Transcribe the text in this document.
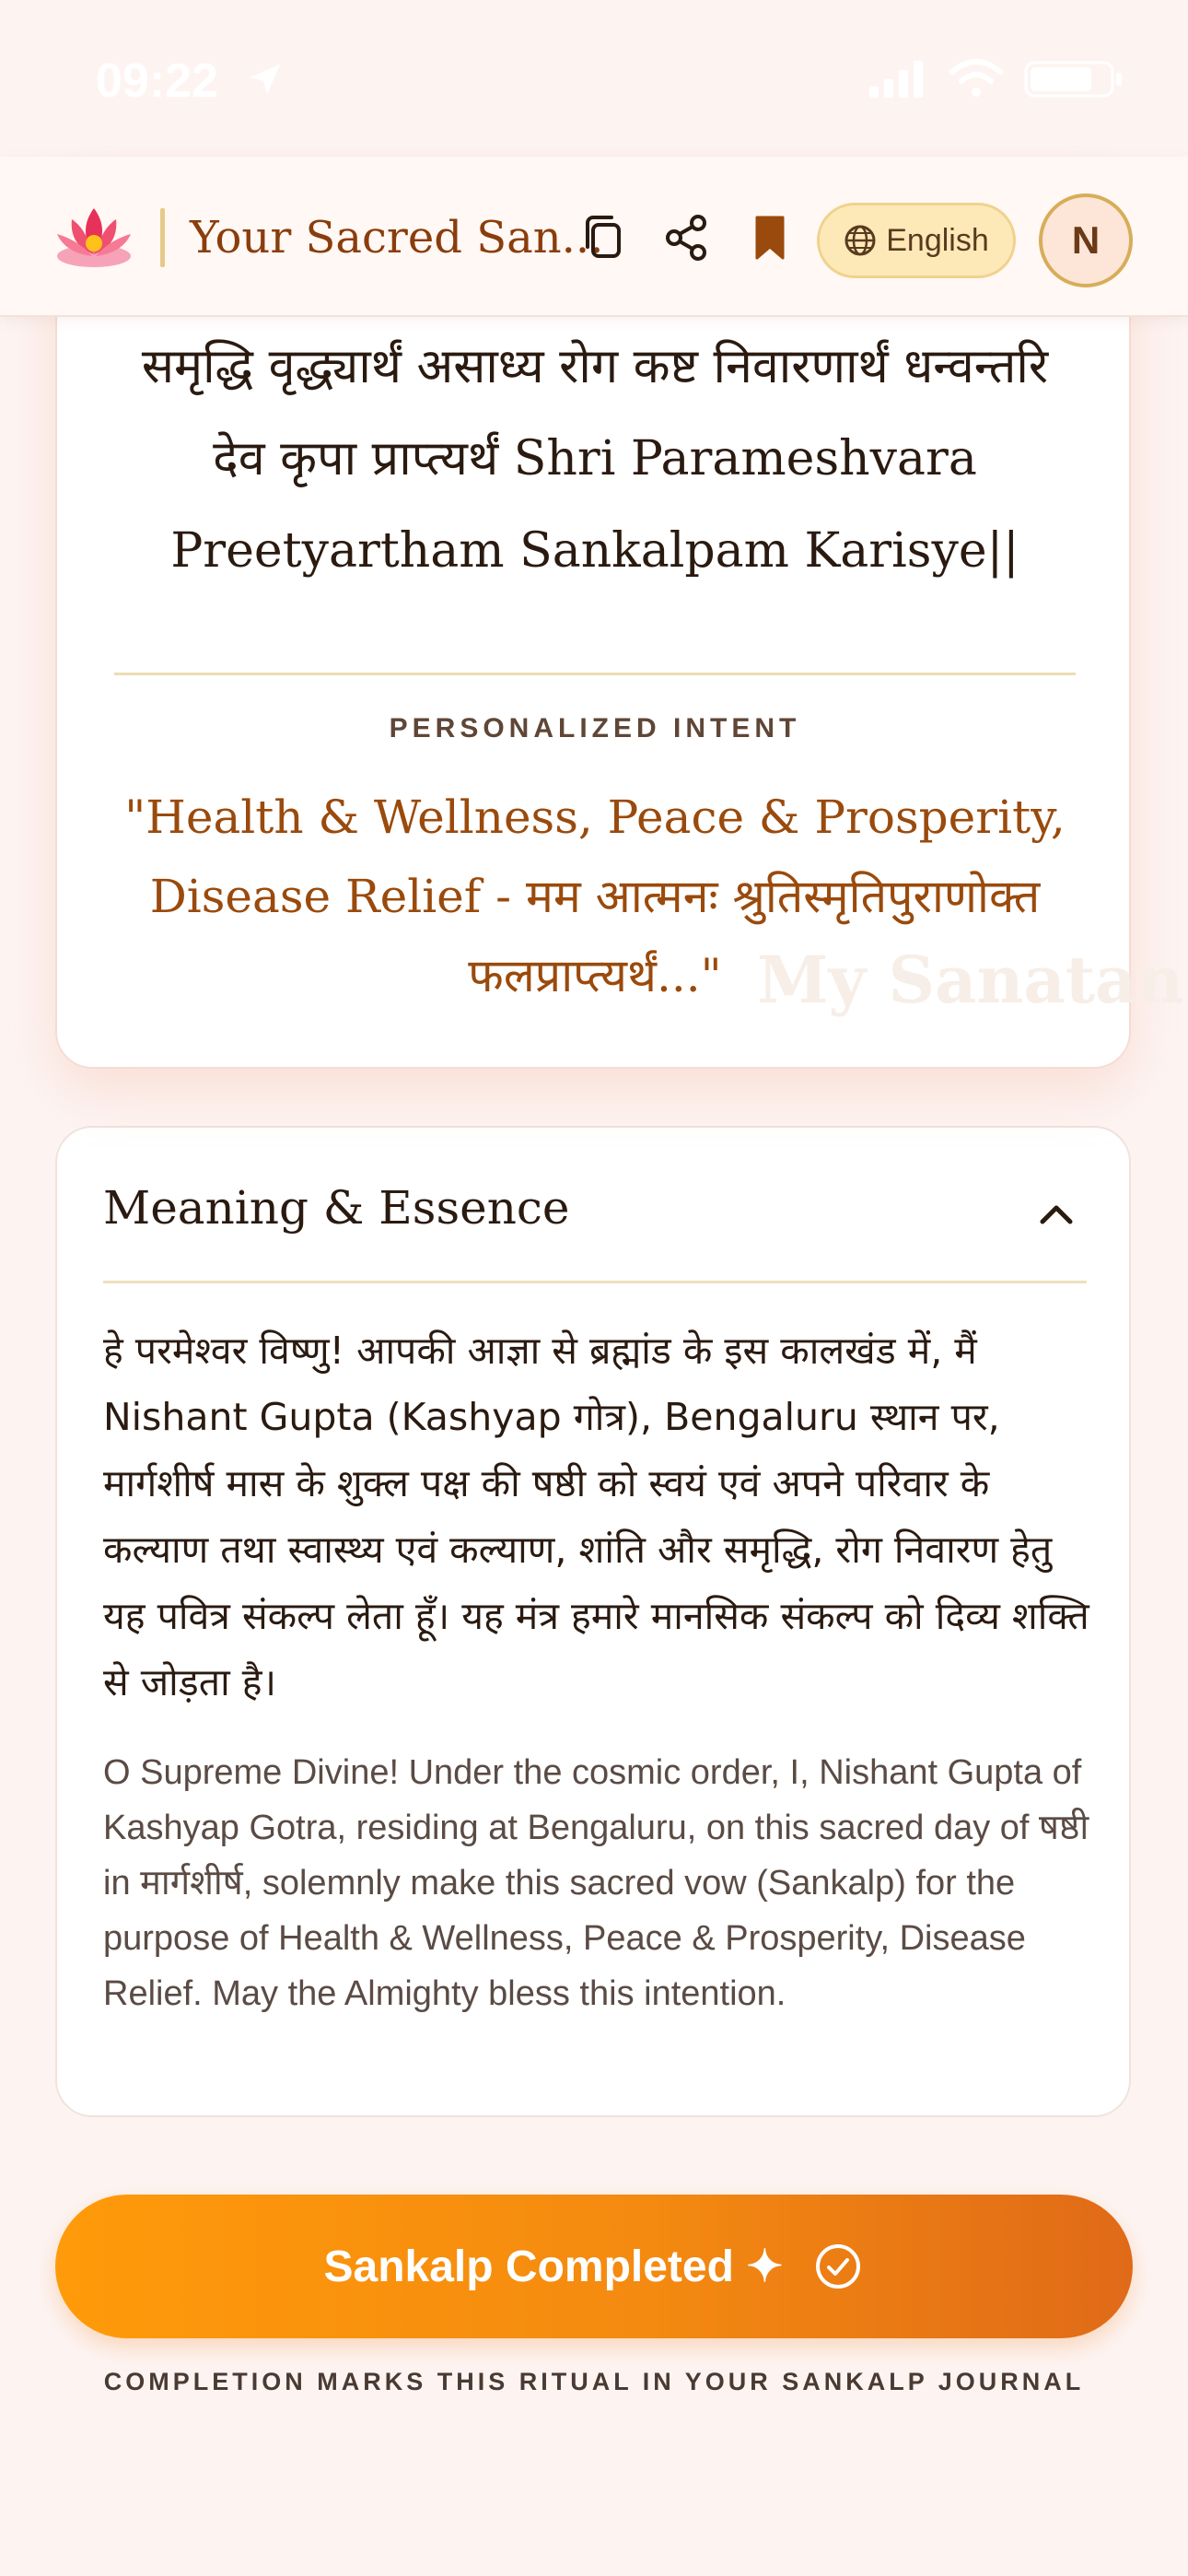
09:22
समृद्धि वृद्ध्यार्थं असाध्य रोग कष्ट निवारणार्थं धन्वन्तरि देव कृपा प्राप्त्यर्थं Shri Parameshvara Preetyartham Sankalpam Karisye||
PERSONALIZED INTENT
"Health & Wellness, Peace & Prosperity, Disease Relief - मम आत्मनः श्रुतिस्मृतिपुराणोक्त फलप्राप्त्यर्थं..." My Sanatan
Your Sacred San...	English	N
Meaning & Essence
हे परमेश्वर विष्णु! आपकी आज्ञा से ब्रह्मांड के इस कालखंड में, मैं Nishant Gupta (Kashyap गोत्र), Bengaluru स्थान पर, मार्गशीर्ष मास के शुक्ल पक्ष की षष्ठी को स्वयं एवं अपने परिवार के कल्याण तथा स्वास्थ्य एवं कल्याण, शांति और समृद्धि, रोग निवारण हेतु यह पवित्र संकल्प लेता हूँ। यह मंत्र हमारे मानसिक संकल्प को दिव्य शक्ति से जोड़ता है।
O Supreme Divine! Under the cosmic order, I, Nishant Gupta of Kashyap Gotra, residing at Bengaluru, on this sacred day of षष्ठी in मार्गशीर्ष, solemnly make this sacred vow (Sankalp) for the purpose of Health & Wellness, Peace & Prosperity, Disease Relief. May the Almighty bless this intention.
Sankalp Completed ✦
COMPLETION MARKS THIS RITUAL IN YOUR SANKALP JOURNAL
